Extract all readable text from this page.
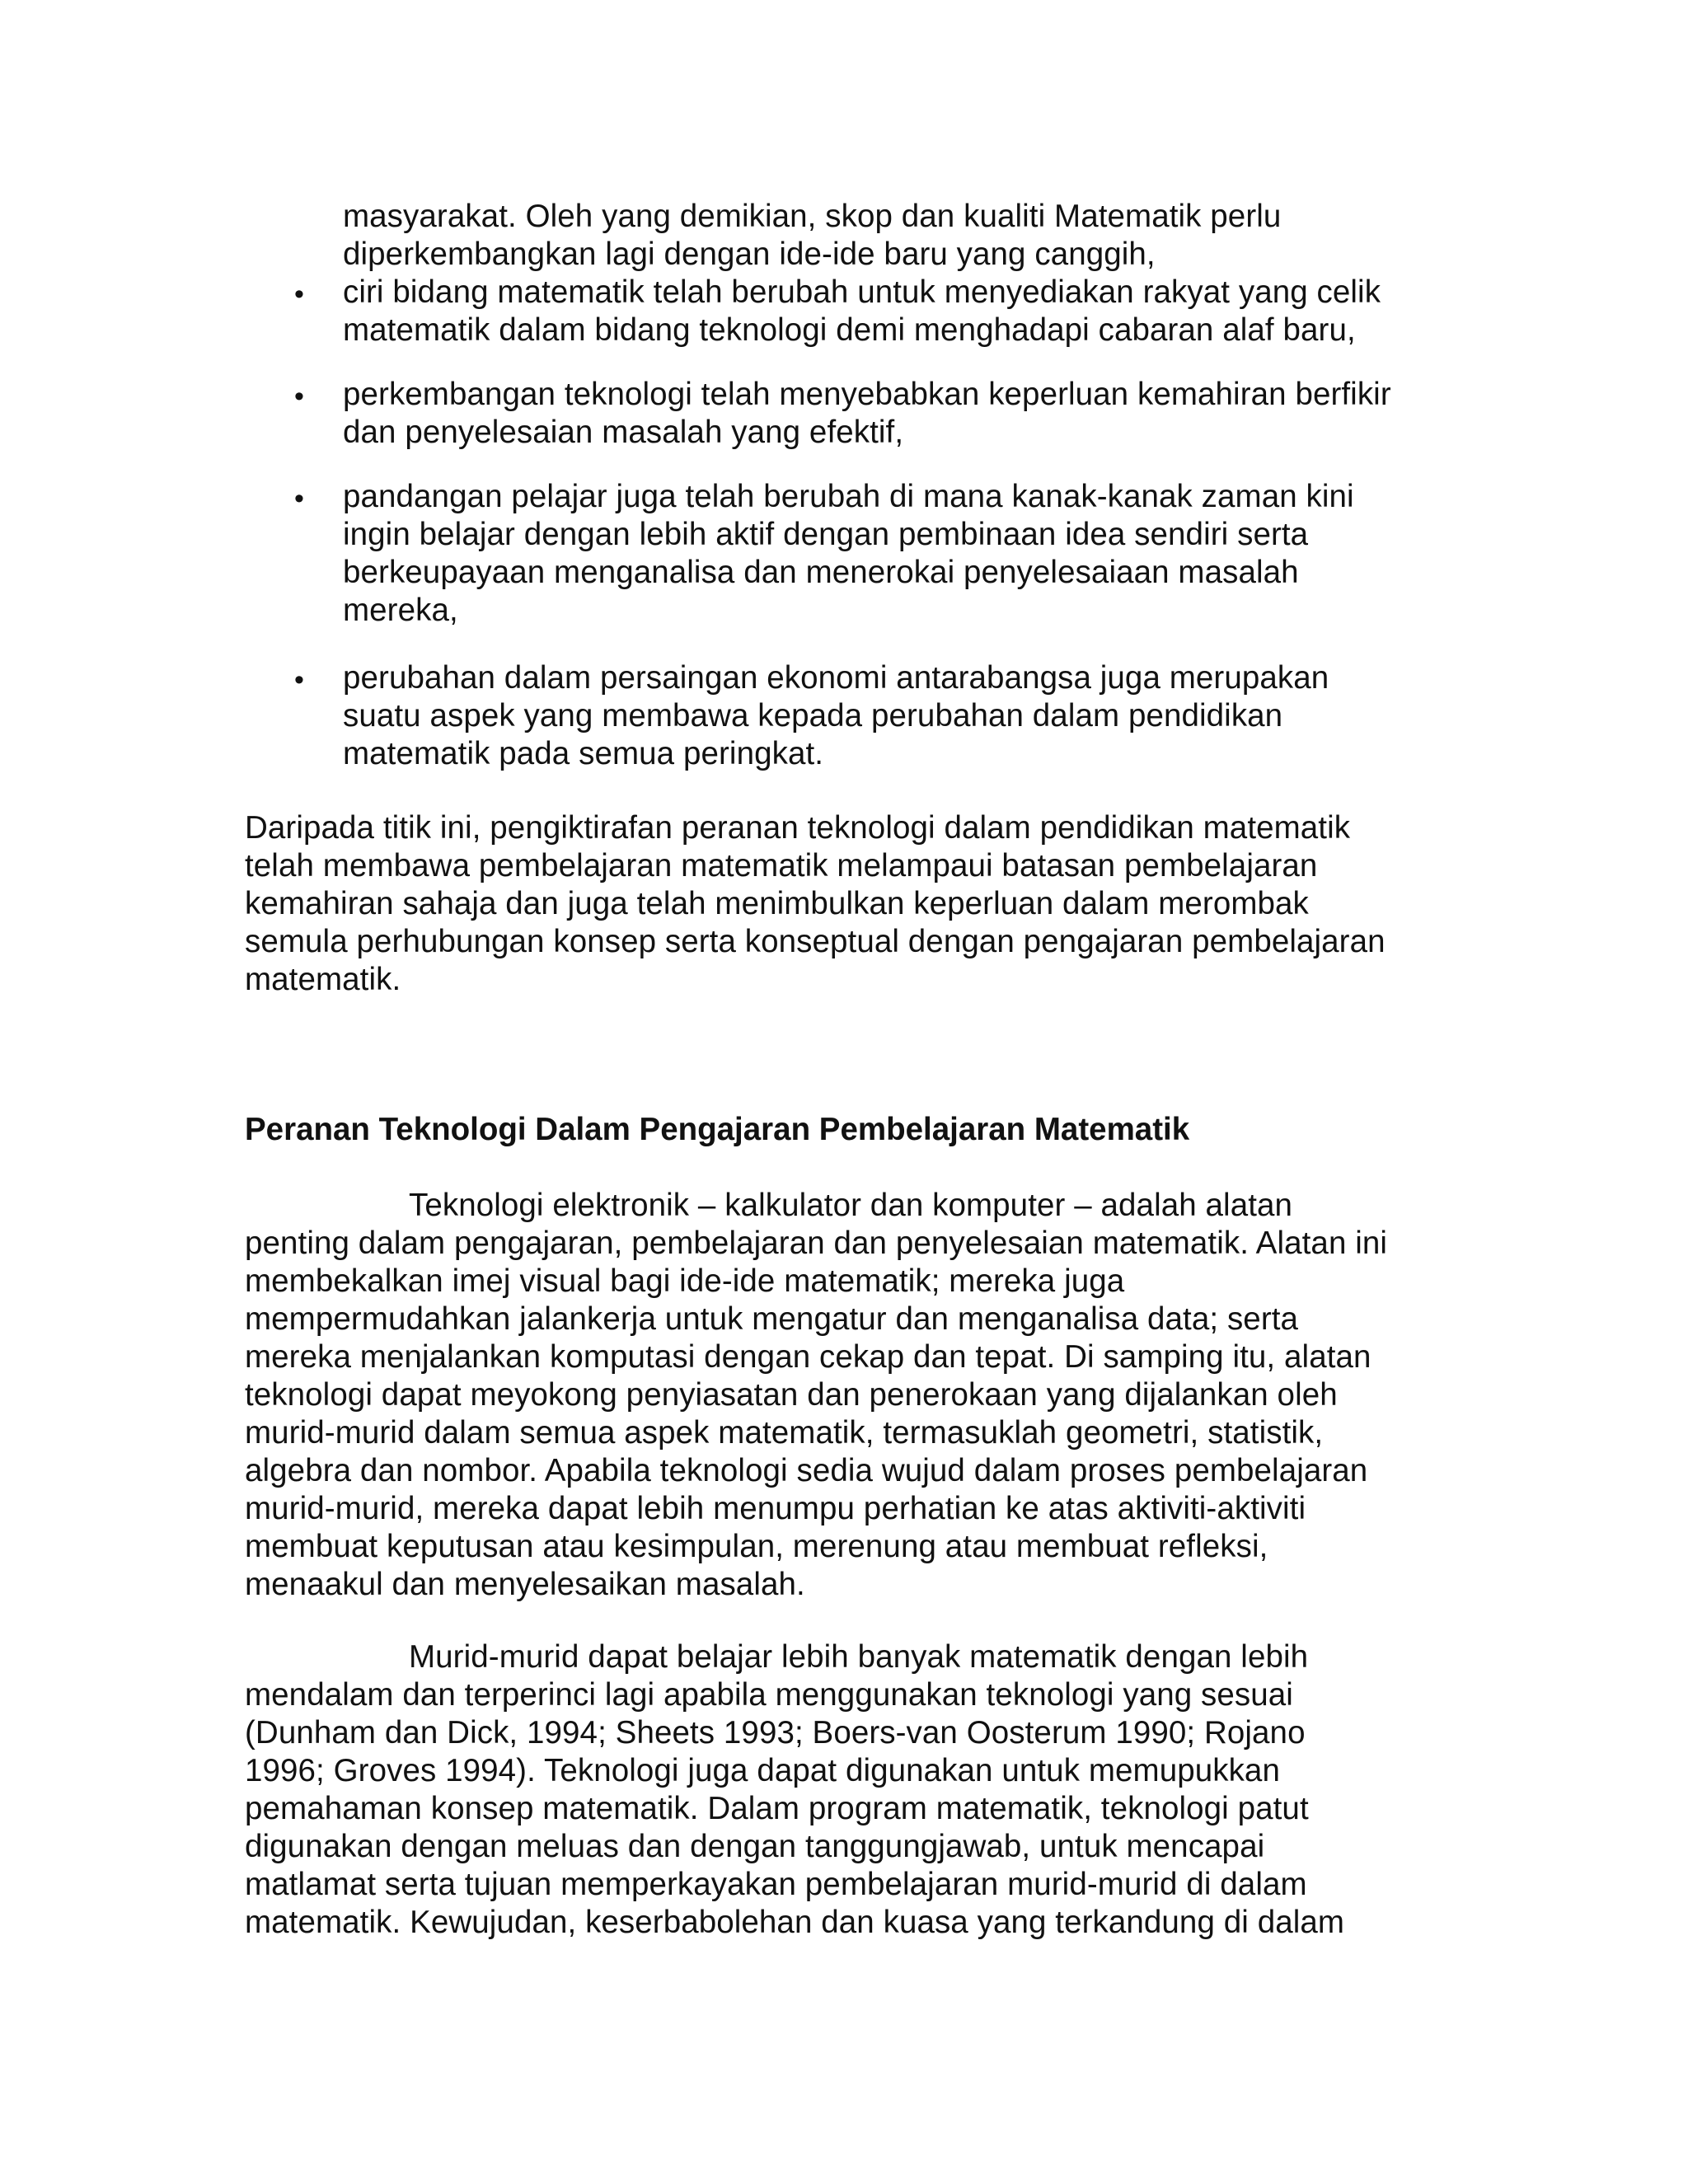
masyarakat. Oleh yang demikian, skop dan kualiti Matematik perlu
diperkembangkan lagi dengan ide-ide baru yang canggih,
• ciri bidang matematik telah berubah untuk menyediakan rakyat yang celik
matematik dalam bidang teknologi demi menghadapi cabaran alaf baru,
• perkembangan teknologi telah menyebabkan keperluan kemahiran berfikir
dan penyelesaian masalah yang efektif,
• pandangan pelajar juga telah berubah di mana kanak-kanak zaman kini
ingin belajar dengan lebih aktif dengan pembinaan idea sendiri serta
berkeupayaan menganalisa dan menerokai penyelesaiaan masalah
mereka,
• perubahan dalam persaingan ekonomi antarabangsa juga merupakan
suatu aspek yang membawa kepada perubahan dalam pendidikan
matematik pada semua peringkat.
Daripada titik ini, pengiktirafan peranan teknologi dalam pendidikan matematik
telah membawa pembelajaran matematik melampaui batasan pembelajaran
kemahiran sahaja dan juga telah menimbulkan keperluan dalam merombak
semula perhubungan konsep serta konseptual dengan pengajaran pembelajaran
matematik.
Peranan Teknologi Dalam Pengajaran Pembelajaran Matematik
Teknologi elektronik – kalkulator dan komputer – adalah alatan
penting dalam pengajaran, pembelajaran dan penyelesaian matematik. Alatan ini
membekalkan imej visual bagi ide-ide matematik; mereka juga
mempermudahkan jalankerja untuk mengatur dan menganalisa data; serta
mereka menjalankan komputasi dengan cekap dan tepat. Di samping itu, alatan
teknologi dapat meyokong penyiasatan dan penerokaan yang dijalankan oleh
murid-murid dalam semua aspek matematik, termasuklah geometri, statistik,
algebra dan nombor. Apabila teknologi sedia wujud dalam proses pembelajaran
murid-murid, mereka dapat lebih menumpu perhatian ke atas aktiviti-aktiviti
membuat keputusan atau kesimpulan, merenung atau membuat refleksi,
menaakul dan menyelesaikan masalah.
Murid-murid dapat belajar lebih banyak matematik dengan lebih
mendalam dan terperinci lagi apabila menggunakan teknologi yang sesuai
(Dunham dan Dick, 1994; Sheets 1993; Boers-van Oosterum 1990; Rojano
1996; Groves 1994). Teknologi juga dapat digunakan untuk memupukkan
pemahaman konsep matematik. Dalam program matematik, teknologi patut
digunakan dengan meluas dan dengan tanggungjawab, untuk mencapai
matlamat serta tujuan memperkayakan pembelajaran murid-murid di dalam
matematik. Kewujudan, keserbabolehan dan kuasa yang terkandung di dalam
